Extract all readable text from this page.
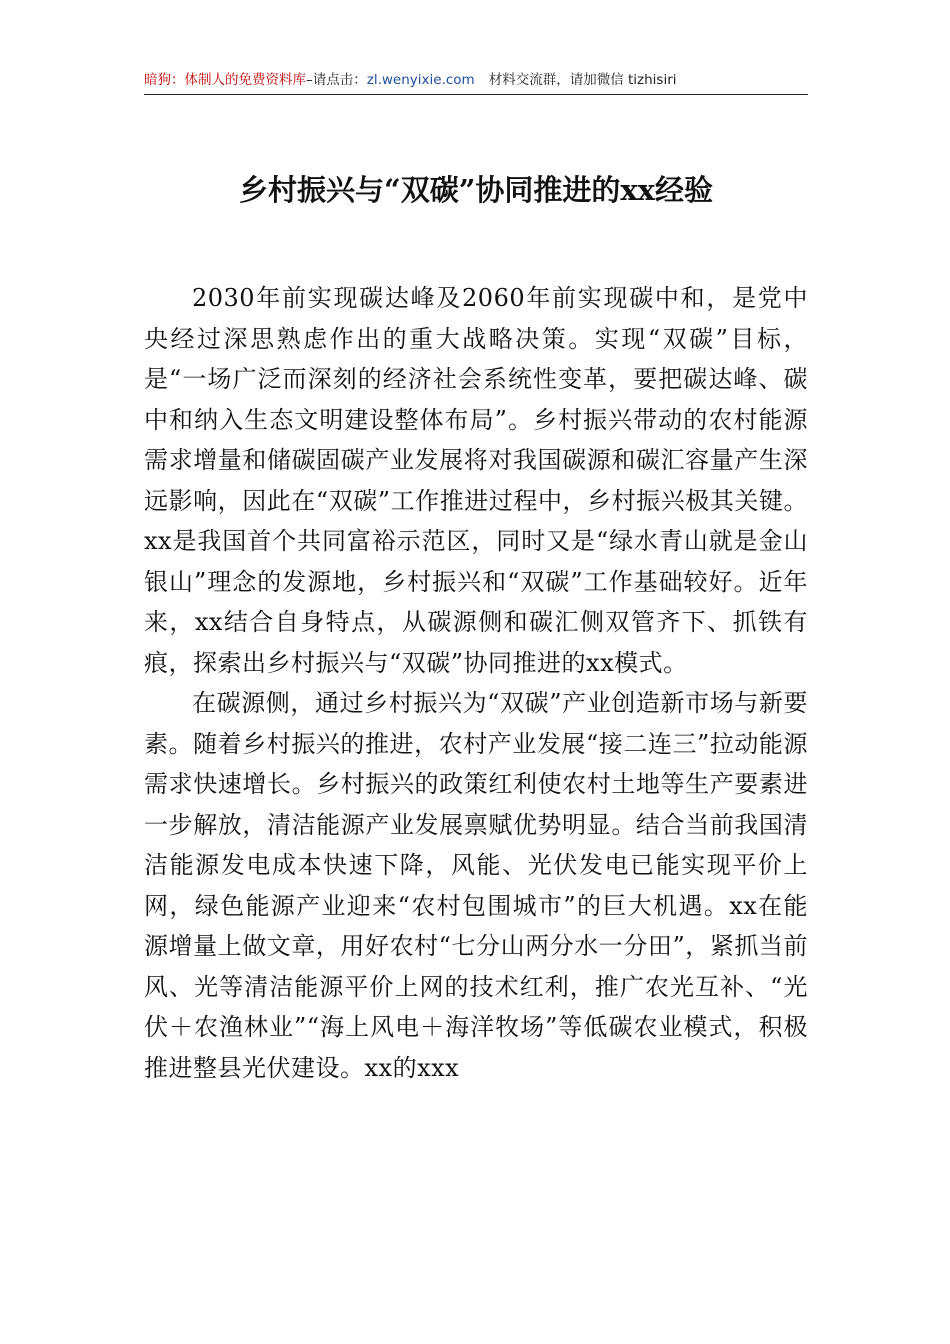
暗狗：体制人的免费资料库–请点击：zl.wenyixie.com 材料交流群，请加微信 tizhisiri
乡村振兴与“双碳”协同推进的xx经验

2030年前实现碳达峰及2060年前实现碳中和，是党中央经过深思熟虑作出的重大战略决策。实现“双碳”目标，是“一场广泛而深刻的经济社会系统性变革，要把碳达峰、碳中和纳入生态文明建设整体布局”。乡村振兴带动的农村能源需求增量和储碳固碳产业发展将对我国碳源和碳汇容量产生深远影响，因此在“双碳”工作推进过程中，乡村振兴极其关键。xx是我国首个共同富裕示范区，同时又是“绿水青山就是金山银山”理念的发源地，乡村振兴和“双碳”工作基础较好。近年来，xx结合自身特点，从碳源侧和碳汇侧双管齐下、抓铁有痕，探索出乡村振兴与“双碳”协同推进的xx模式。

在碳源侧，通过乡村振兴为“双碳”产业创造新市场与新要素。随着乡村振兴的推进，农村产业发展“接二连三”拉动能源需求快速增长。乡村振兴的政策红利使农村土地等生产要素进一步解放，清洁能源产业发展禀赋优势明显。结合当前我国清洁能源发电成本快速下降，风能、光伏发电已能实现平价上网，绿色能源产业迎来“农村包围城市”的巨大机遇。xx在能源增量上做文章，用好农村“七分山两分水一分田”，紧抓当前风、光等清洁能源平价上网的技术红利，推广农光互补、“光伏＋农渔林业”“海上风电＋海洋牧场”等低碳农业模式，积极推进整县光伏建设。xx的xxx
